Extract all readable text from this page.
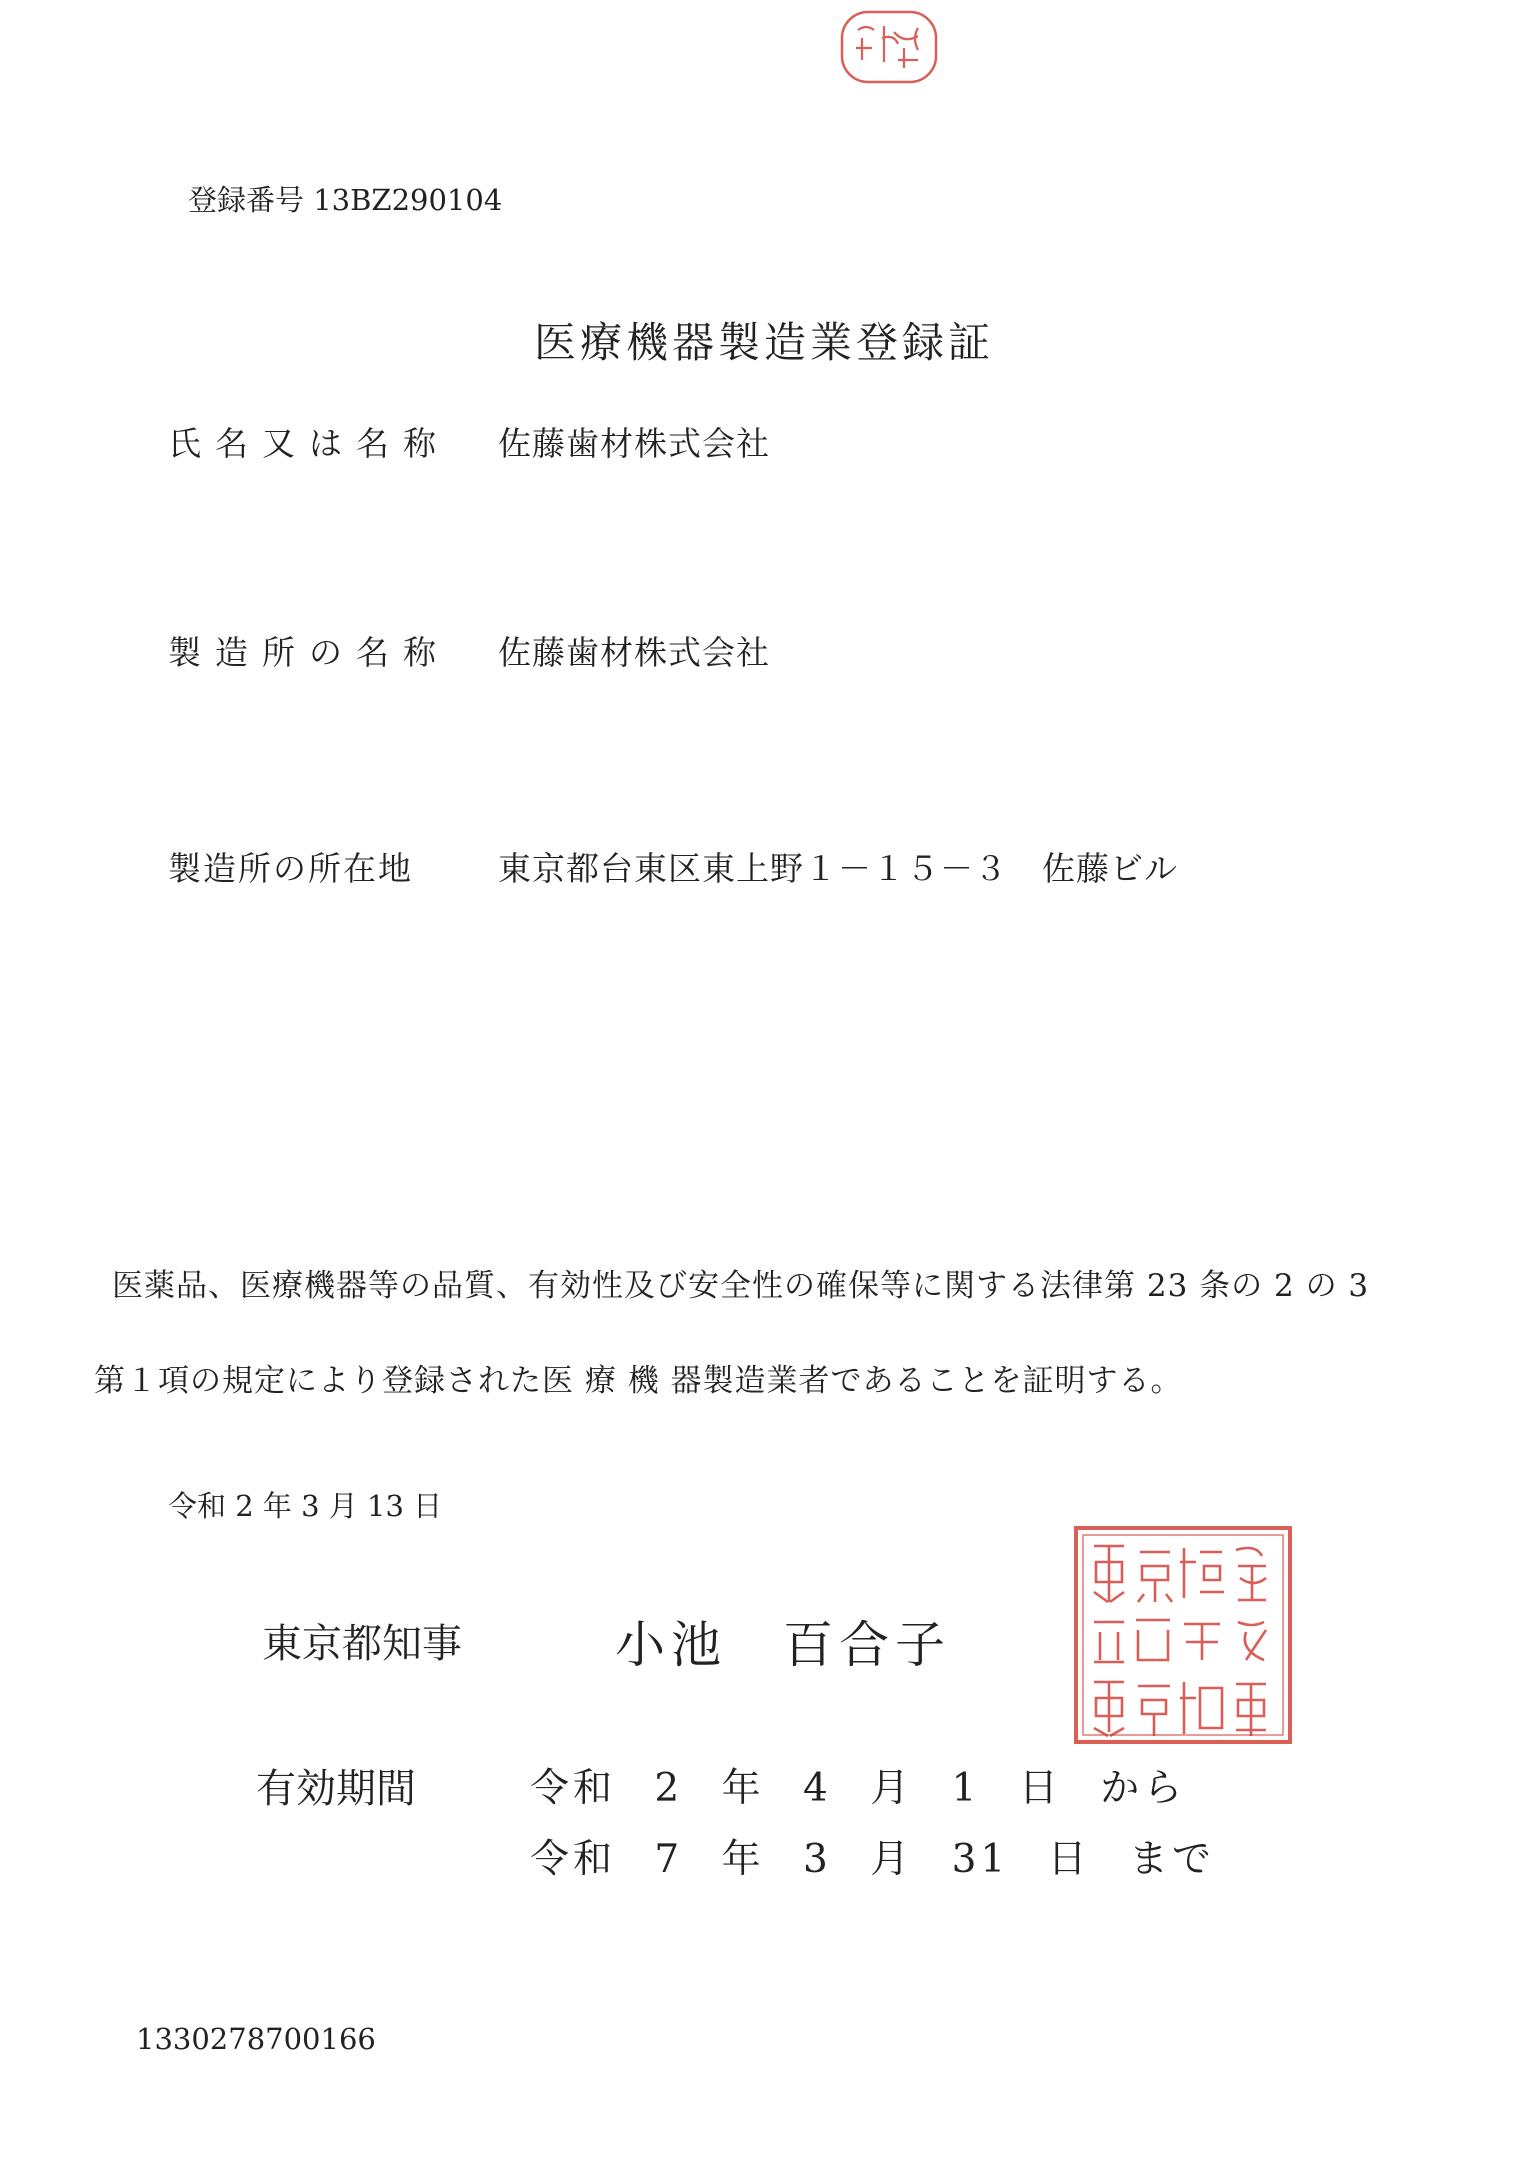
登録番号 13BZ290104
医療機器製造業登録証
氏名又は名称 佐藤歯材株式会社
製造所の名称 佐藤歯材株式会社
製造所の所在地	東京都台東区東上野１－１５－３　佐藤ビル
医薬品、医療機器等の品質、有効性及び安全性の確保等に関する法律第 23 条の 2 の 3
第１項の規定により登録された医 療 機 器製造業者であることを証明する。
令和 2 年 3 月 13 日
東京都知事	小池　百合子
有効期間	令和 2 年 4 月 1 日 から
令和 7 年 3 月 31 日 まで
1330278700166
